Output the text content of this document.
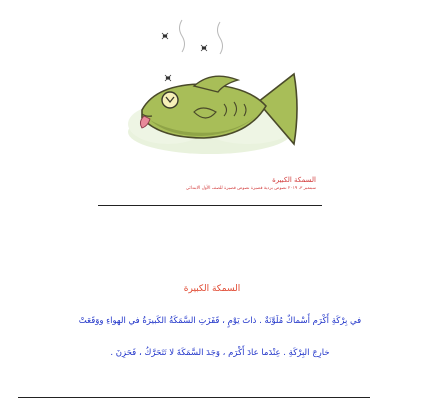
السمكة الكبيرة
سبتمبر ٣، ٢٠١٩ نصوص بردية قصيرة نصوص قصيرة للصف الأول الابتدائي
السمكة الكبيرة
في بِرْكَةِ أَكْرَم أَسْماكٌ مُلَوَّنَةٌ . ذاتَ يَوْمٍ ، قَفَزَتِ السَّمَكَةُ الكَبيرَةُ في الهواءِ ووَقَعَتْ
خارِجَ البِرْكَةِ . عِنْدَما عادَ أَكْرَم ، وَجَدَ السَّمَكَةَ لا تَتَحَرَّكُ ، فَحَزِنَ .
